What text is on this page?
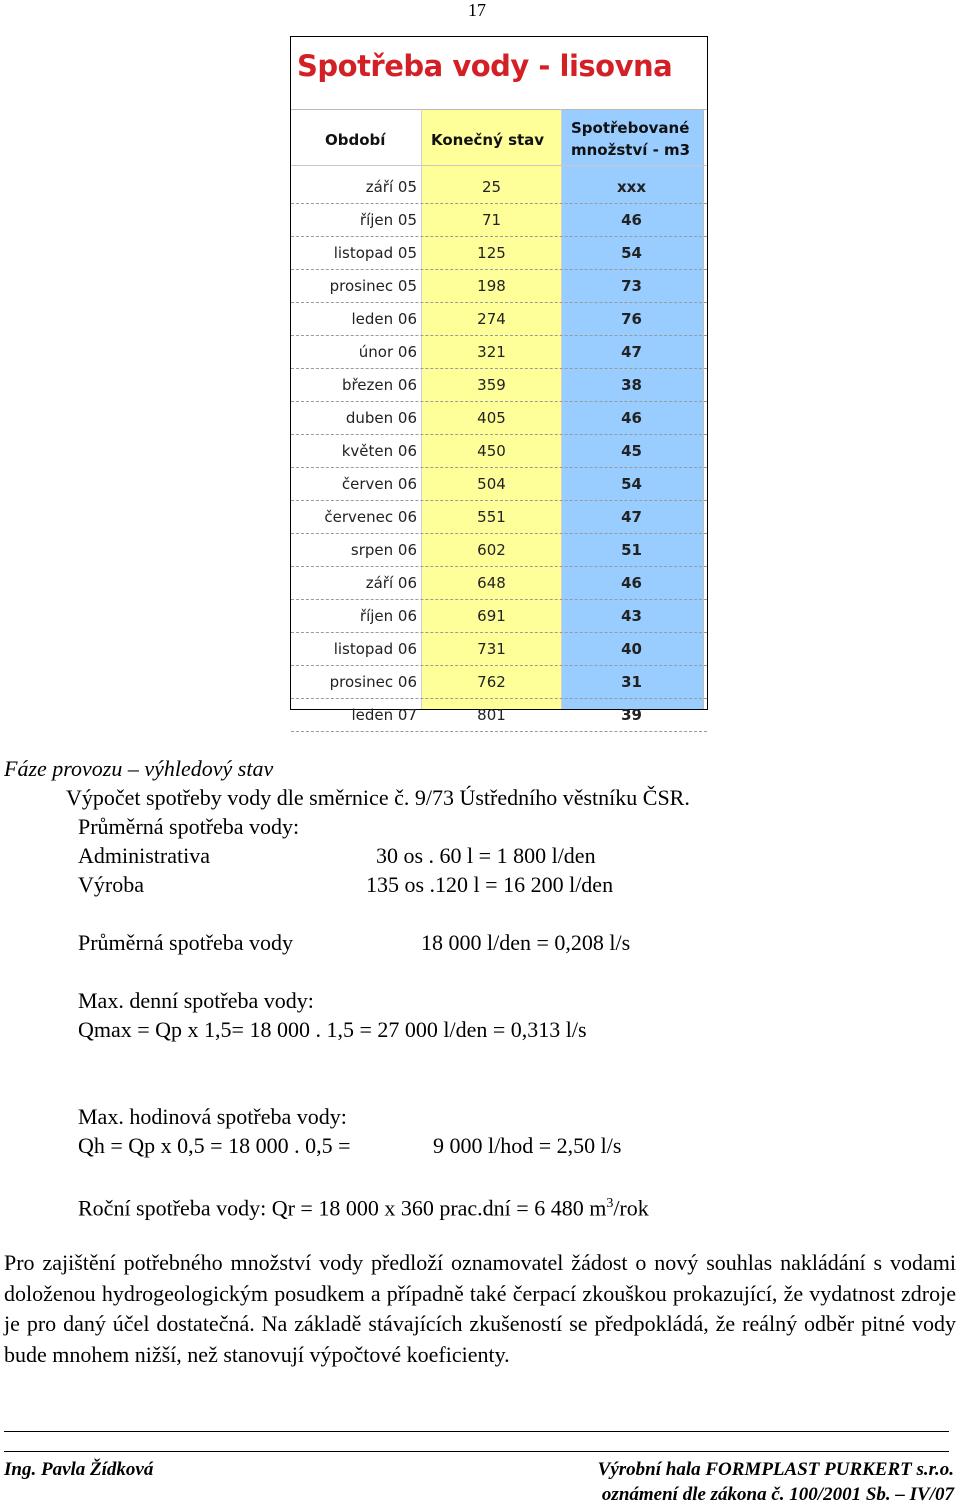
17
Spotřeba vody - lisovna
Období	Konečný stav
Spotřebované
množství - m3
září 05	25	xxx
říjen 05	71	46
listopad 05	125	54
prosinec 05	198	73
leden 06	274	76
únor 06	321	47
březen 06	359	38
duben 06	405	46
květen 06	450	45
červen 06	504	54
červenec 06	551	47
srpen 06	602	51
září 06	648	46
říjen 06	691	43
listopad 06	731	40
prosinec 06	762	31
leden 07	801	39
Fáze provozu – výhledový stav
Výpočet spotřeby vody dle směrnice č. 9/73 Ústředního věstníku ČSR.
Průměrná spotřeba vody:
Administrativa	30 os . 60 l = 1 800 l/den
Výroba	135 os .120 l = 16 200 l/den
Průměrná spotřeba vody	18 000 l/den = 0,208 l/s
Max. denní spotřeba vody:
Qmax = Qp x 1,5= 18 000 . 1,5 = 27 000 l/den = 0,313 l/s
Max. hodinová spotřeba vody:
Qh = Qp x 0,5 = 18 000 . 0,5 =	9 000 l/hod = 2,50 l/s
Roční spotřeba vody: Qr = 18 000 x 360 prac.dní = 6 480 $m^3$/rok

Pro zajištění potřebného množství vody předloží oznamovatel žádost o nový souhlas nakládání s vodami doloženou hydrogeologickým posudkem a případně také čerpací zkouškou prokazující, že vydatnost zdroje je pro daný účel dostatečná. Na základě stávajících zkušeností se předpokládá, že reálný odběr pitné vody bude mnohem nižší, než stanovují výpočtové koeficienty.

Ing. Pavla Žídková	Výrobní hala FORMPLAST PURKERT s.r.o.
oznámení dle zákona č. 100/2001 Sb. – IV/07
